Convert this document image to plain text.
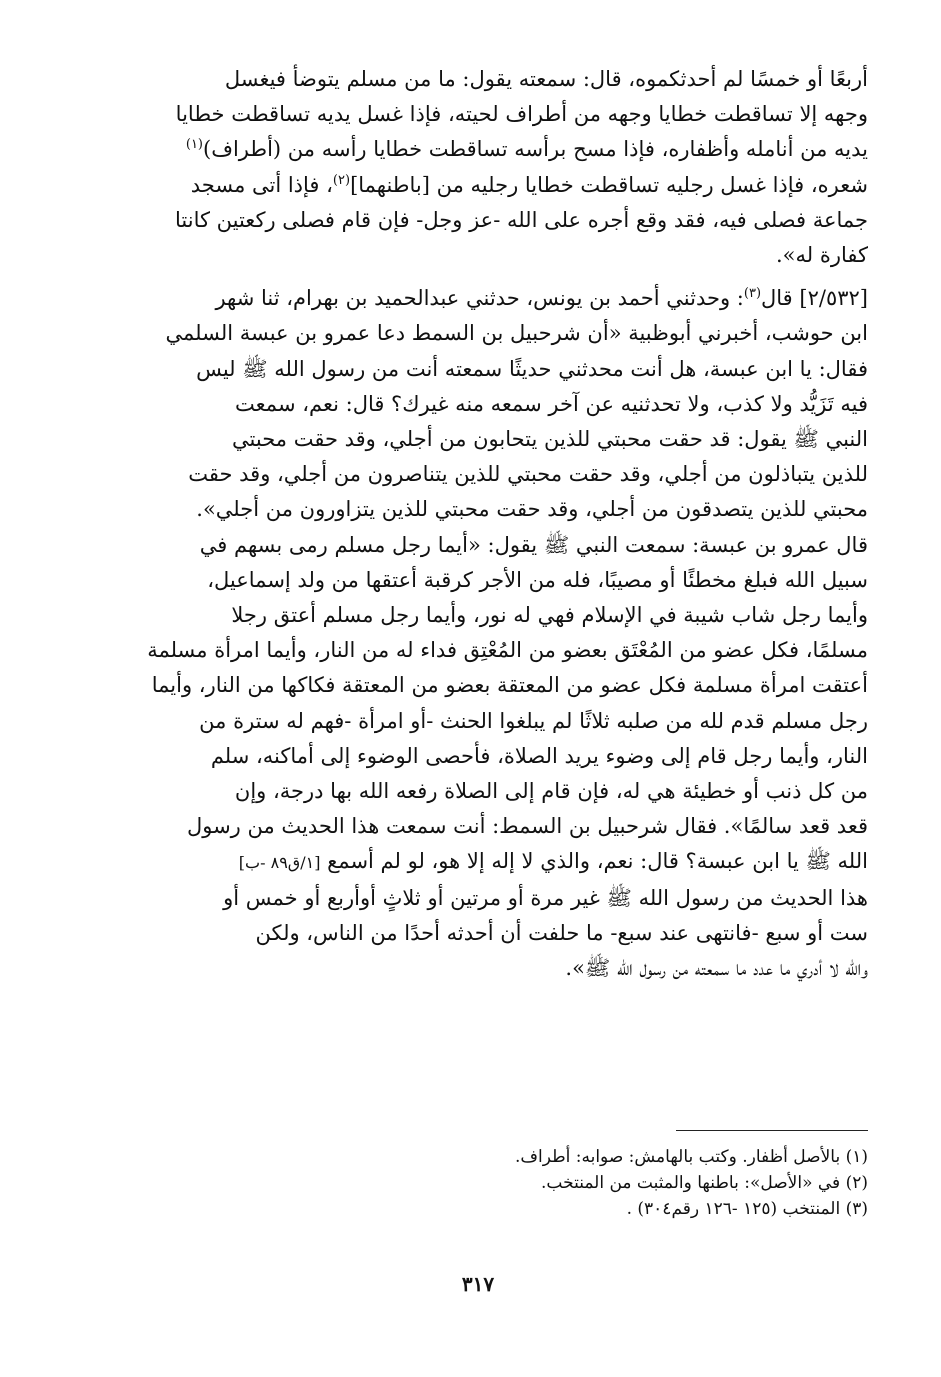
أربعًا أو خمسًا لم أحدثكموه، قال: سمعته يقول: ما من مسلم يتوضأ فيغسل
وجهه إلا تساقطت خطايا وجهه من أطراف لحيته، فإذا غسل يديه تساقطت خطايا
يديه من أنامله وأظفاره، فإذا مسح برأسه تساقطت خطايا رأسه من (أطراف)$^{(١)}$
شعره، فإذا غسل رجليه تساقطت خطايا رجليه من [باطنهما]$^{(٢)}$، فإذا أتى مسجد
جماعة فصلى فيه، فقد وقع أجره على الله -عز وجل- فإن قام فصلى ركعتين كانتا
كفارة له».
[٢/٥٣٢] قال$^{(٣)}$: وحدثني أحمد بن يونس، حدثني عبدالحميد بن بهرام، ثنا شهر
ابن حوشب، أخبرني أبوظبية «أن شرحبيل بن السمط دعا عمرو بن عبسة السلمي
فقال: يا ابن عبسة، هل أنت محدثني حديثًا سمعته أنت من رسول الله ﷺ ليس
فيه تَزَيُّد ولا كذب، ولا تحدثنيه عن آخر سمعه منه غيرك؟ قال: نعم، سمعت
النبي ﷺ يقول: قد حقت محبتي للذين يتحابون من أجلي، وقد حقت محبتي
للذين يتباذلون من أجلي، وقد حقت محبتي للذين يتناصرون من أجلي، وقد حقت
محبتي للذين يتصدقون من أجلي، وقد حقت محبتي للذين يتزاورون من أجلي».
قال عمرو بن عبسة: سمعت النبي ﷺ يقول: «أيما رجل مسلم رمى بسهم في
سبيل الله فبلغ مخطئًا أو مصيبًا، فله من الأجر كرقبة أعتقها من ولد إسماعيل،
وأيما رجل شاب شيبة في الإسلام فهي له نور، وأيما رجل مسلم أعتق رجلا
مسلمًا، فكل عضو من المُعْتَق بعضو من المُعْتِق فداء له من النار، وأيما امرأة مسلمة
أعتقت امرأة مسلمة فكل عضو من المعتقة بعضو من المعتقة فكاكها من النار، وأيما
رجل مسلم قدم لله من صلبه ثلاثًا لم يبلغوا الحنث -أو امرأة -فهم له سترة من
النار، وأيما رجل قام إلى وضوء يريد الصلاة، فأحصى الوضوء إلى أماكنه، سلم
من كل ذنب أو خطيئة هي له، فإن قام إلى الصلاة رفعه الله بها درجة، وإن
قعد قعد سالمًا». فقال شرحبيل بن السمط: أنت سمعت هذا الحديث من رسول
الله ﷺ يا ابن عبسة؟ قال: نعم، والذي لا إله إلا هو، لو لم أسمع [١/ق٨٩ -ب]
هذا الحديث من رسول الله ﷺ غير مرة أو مرتين أو ثلاثٍ أوأربع أو خمس أو
ست أو سبع -فانتهى عند سبع- ما حلفت أن أحدثه أحدًا من الناس، ولكن
والله لا أدري ما عدد ما سمعته من رسول الله ﷺ».
(١) بالأصل أظفار. وكتب بالهامش: صوابه: أطراف.
(٢) في «الأصل»: باطنها والمثبت من المنتخب.
(٣) المنتخب (١٢٥ -١٢٦ رقم٣٠٤) .
٣١٧
